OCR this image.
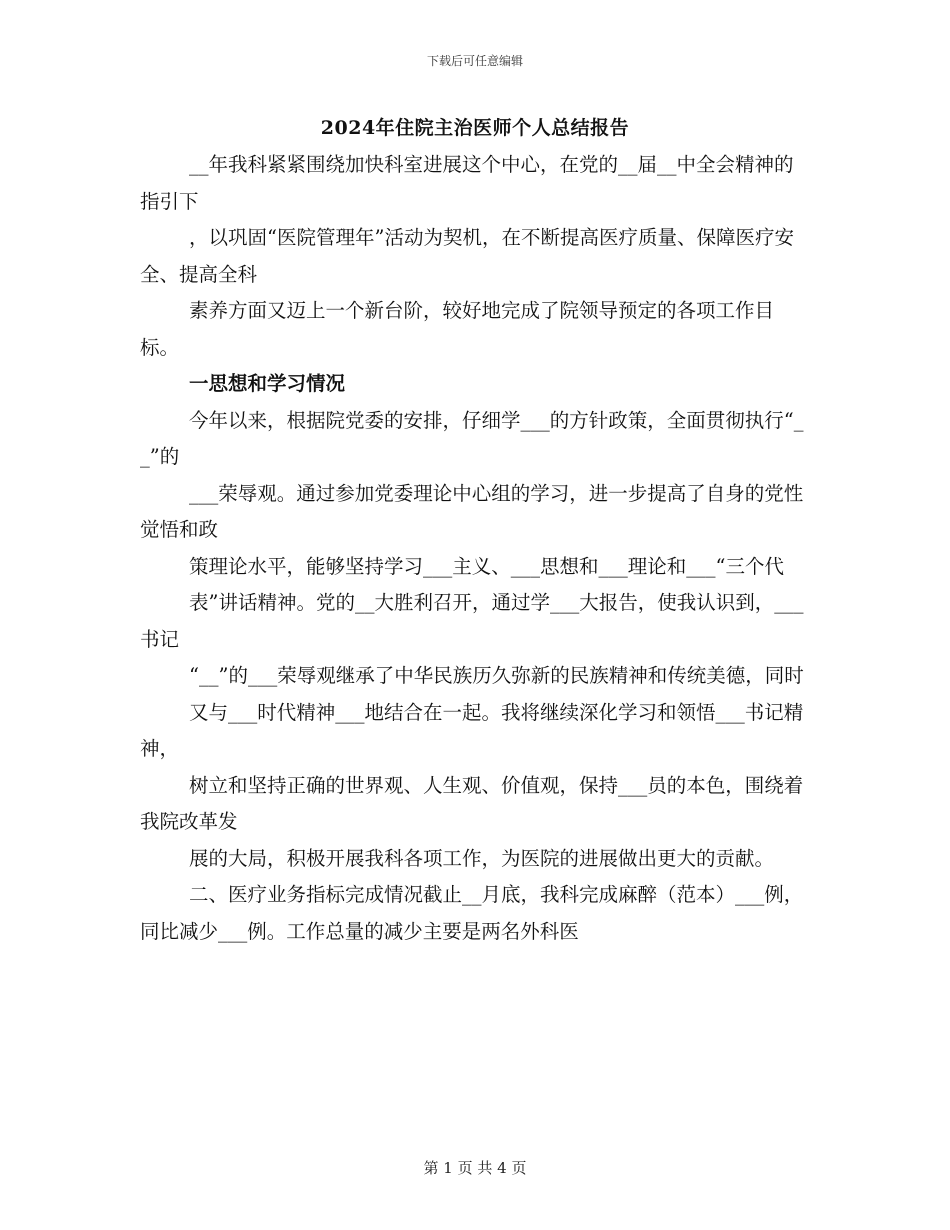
下载后可任意编辑
2024年住院主治医师个人总结报告

__年我科紧紧围绕加快科室进展这个中心，在党的__届__中全会精神的指引下

，以巩固“医院管理年”活动为契机，在不断提高医疗质量、保障医疗安全、提高全科

素养方面又迈上一个新台阶，较好地完成了院领导预定的各项工作目标。

一思想和学习情况

今年以来，根据院党委的安排，仔细学___的方针政策，全面贯彻执行“__”的

___荣辱观。通过参加党委理论中心组的学习，进一步提高了自身的党性觉悟和政

策理论水平，能够坚持学习___主义、___思想和___理论和___“三个代

表”讲话精神。党的__大胜利召开，通过学___大报告，使我认识到，___书记

“__”的___荣辱观继承了中华民族历久弥新的民族精神和传统美德，同时

又与___时代精神___地结合在一起。我将继续深化学习和领悟___书记精神，

树立和坚持正确的世界观、人生观、价值观，保持___员的本色，围绕着我院改革发

展的大局，积极开展我科各项工作，为医院的进展做出更大的贡献。

二、医疗业务指标完成情况截止__月底，我科完成麻醉（范本）___例，同比减少___例。工作总量的减少主要是两名外科医

第 1 页 共 4 页
